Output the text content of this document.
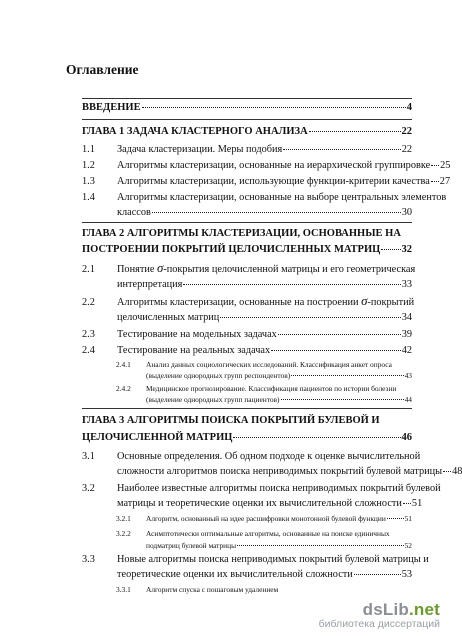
Оглавление
ВВЕДЕНИЕ	4
ГЛАВА 1 ЗАДАЧА КЛАСТЕРНОГО АНАЛИЗА	22
1.1 Задача кластеризации. Меры подобия	22
1.2 Алгоритмы кластеризации, основанные на иерархической группировке 25
1.3 Алгоритмы кластеризации, использующие функции-критерии качества 27
1.4 Алгоритмы кластеризации, основанные на выборе центральных элементов
классов	30
ГЛАВА 2 АЛГОРИТМЫ КЛАСТЕРИЗАЦИИ, ОСНОВАННЫЕ НА
ПОСТРОЕНИИ ПОКРЫТИЙ ЦЕЛОЧИСЛЕННЫХ МАТРИЦ 32
2.1 Понятие σ-покрытия целочисленной матрицы и его геометрическая
интерпретация	33
2.2 Алгоритмы кластеризации, основанные на построении σ-покрытий
целочисленных матриц	34
2.3 Тестирование на модельных задачах	39
2.4 Тестирование на реальных задачах	42
2.4.1 Анализ данных социологических исследований. Классификация анкет опроса
(выделение однородных групп респондентов)	43
2.4.2 Медицинское прогнозирование. Классификация пациентов по истории болезни
(выделение однородных групп пациентов)	44
ГЛАВА 3 АЛГОРИТМЫ ПОИСКА ПОКРЫТИЙ БУЛЕВОЙ И
ЦЕЛОЧИСЛЕННОЙ МАТРИЦ	46
3.1 Основные определения. Об одном подходе к оценке вычислительной
сложности алгоритмов поиска неприводимых покрытий булевой матрицы 48
3.2 Наиболее известные алгоритмы поиска неприводимых покрытий булевой
матрицы и теоретические оценки их вычислительной сложности 51
3.2.1 Алгоритм, основанный на идее расшифровки монотонной булевой функции	51
3.2.2 Асимптотически оптимальные алгоритмы, основанные на поиске единичных
подматриц булевой матрицы	52
3.3 Новые алгоритмы поиска неприводимых покрытий булевой матрицы и
теоретические оценки их вычислительной сложности	53
3.3.1 Алгоритм спуска с пошаговым удалением
dsLib.net
библиотека диссертаций
